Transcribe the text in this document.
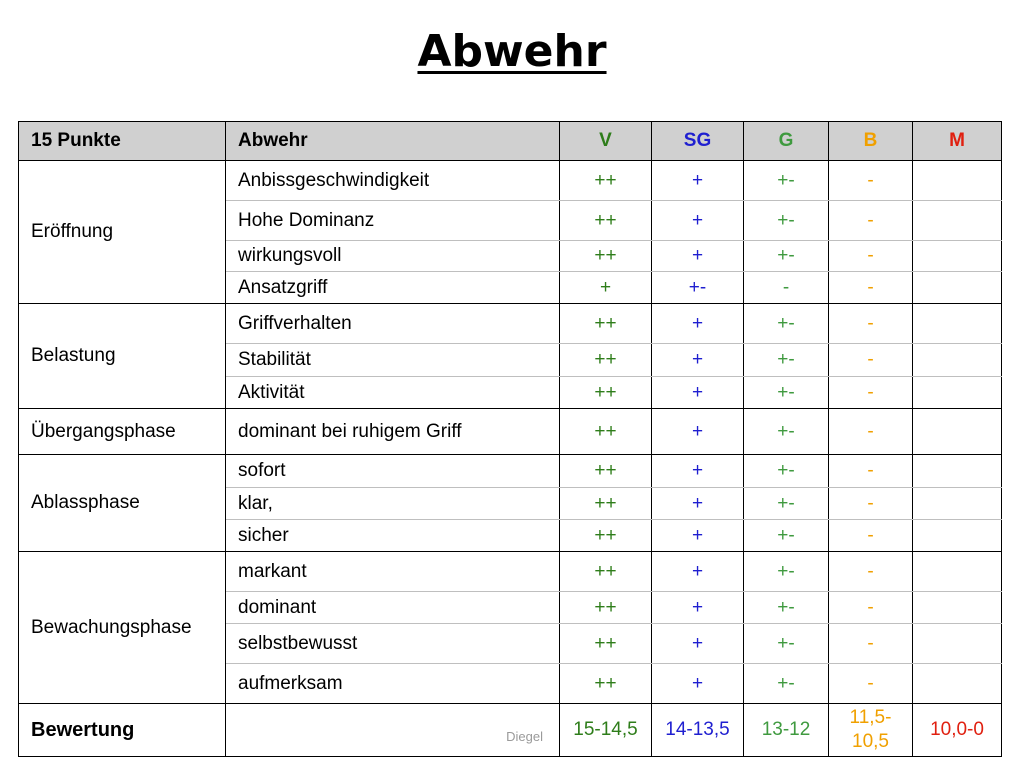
Abwehr
15 Punkte	Abwehr	V	SG	G	B	M
Eröffnung	Anbissgeschwindigkeit	++	+	+-	-	
	Hohe Dominanz	++	+	+-	-	
	wirkungsvoll	++	+	+-	-	
	Ansatzgriff	+	+-	-	-	
Belastung	Griffverhalten	++	+	+-	-	
	Stabilität	++	+	+-	-	
	Aktivität	++	+	+-	-	
Übergangsphase	dominant bei ruhigem Griff	++	+	+-	-	
Ablassphase	sofort	++	+	+-	-	
	klar,	++	+	+-	-	
	sicher	++	+	+-	-	
Bewachungsphase	markant	++	+	+-	-	
	dominant	++	+	+-	-	
	selbstbewusst	++	+	+-	-	
	aufmerksam	++	+	+-	-	
Bewertung	Diegel	15-14,5	14-13,5	13-12	11,5-10,5	10,0-0
